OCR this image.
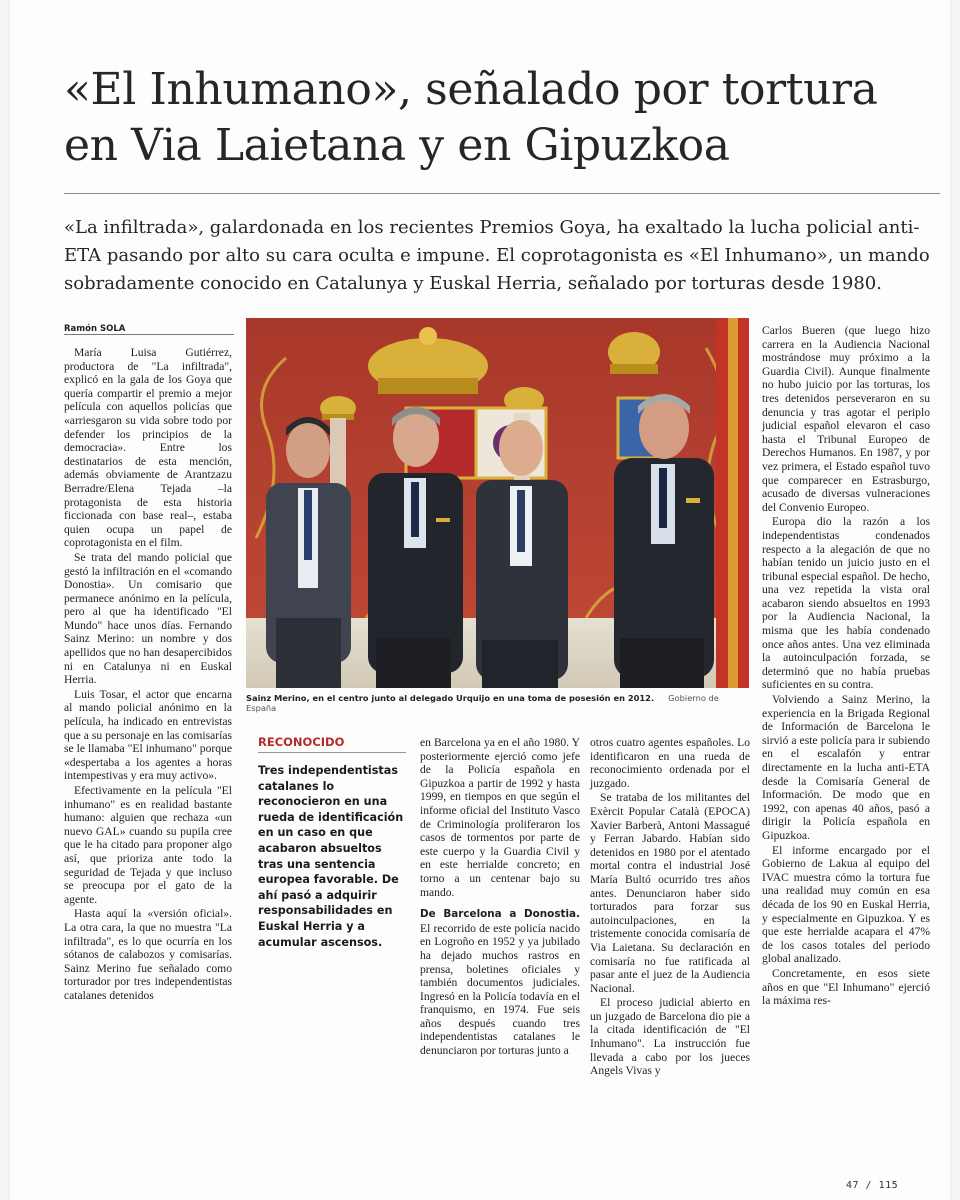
«El Inhumano», señalado por tortura en Via Laietana y en Gipuzkoa

«La infiltrada», galardonada en los recientes Premios Goya, ha exaltado la lucha policial anti-ETA pasando por alto su cara oculta e impune. El coprotagonista es «El Inhumano», un mando sobradamente conocido en Catalunya y Euskal Herria, señalado por torturas desde 1980.

Ramón SOLA

María Luisa Gutiérrez, productora de "La infiltrada", explicó en la gala de los Goya que quería compartir el premio a mejor película con aquellos policías que «arriesgaron su vida sobre todo por defender los principios de la democracia». Entre los destinatarios de esta mención, además obviamente de Arantzazu Berradre/Elena Tejada –la protagonista de esta historia ficcionada con base real–, estaba quien ocupa un papel de coprotagonista en el film.

Se trata del mando policial que gestó la infiltración en el «comando Donostia». Un comisario que permanece anónimo en la película, pero al que ha identificado "El Mundo" hace unos días. Fernando Sainz Merino: un nombre y dos apellidos que no han desapercibidos ni en Catalunya ni en Euskal Herria.

Luis Tosar, el actor que encarna al mando policial anónimo en la película, ha indicado en entrevistas que a su personaje en las comisarías se le llamaba "El inhumano" porque «despertaba a los agentes a horas intempestivas y era muy activo».

Efectivamente en la película "El inhumano" es en realidad bastante humano: alguien que rechaza «un nuevo GAL» cuando su pupila cree que le ha citado para proponer algo así, que prioriza ante todo la seguridad de Tejada y que incluso se preocupa por el gato de la agente.

Hasta aquí la «versión oficial». La otra cara, la que no muestra "La infiltrada", es lo que ocurría en los sótanos de calabozos y comisarías. Sainz Merino fue señalado como torturador por tres independentistas catalanes detenidos

Sainz Merino, en el centro junto al delegado Urquijo en una toma de posesión en 2012. Gobierno de España
RECONOCIDO

Tres independentistas catalanes lo reconocieron en una rueda de identificación en un caso en que acabaron absueltos tras una sentencia europea favorable. De ahí pasó a adquirir responsabilidades en Euskal Herria y a acumular ascensos.

en Barcelona ya en el año 1980. Y posteriormente ejerció como jefe de la Policía española en Gipuzkoa a partir de 1992 y hasta 1999, en tiempos en que según el informe oficial del Instituto Vasco de Criminología proliferaron los casos de tormentos por parte de este cuerpo y la Guardia Civil y en este herrialde concreto; en torno a un centenar bajo su mando.

De Barcelona a Donostia. El recorrido de este policía nacido en Logroño en 1952 y ya jubilado ha dejado muchos rastros en prensa, boletines oficiales y también documentos judiciales. Ingresó en la Policía todavía en el franquismo, en 1974. Fue seis años después cuando tres independentistas catalanes le denunciaron por torturas junto a

otros cuatro agentes españoles. Lo identificaron en una rueda de reconocimiento ordenada por el juzgado.

Se trataba de los militantes del Exèrcit Popular Català (EPOCA) Xavier Barberà, Antoni Massagué y Ferran Jabardo. Habían sido detenidos en 1980 por el atentado mortal contra el industrial José María Bultó ocurrido tres años antes. Denunciaron haber sido torturados para forzar sus autoinculpaciones, en la tristemente conocida comisaría de Via Laietana. Su declaración en comisaría no fue ratificada al pasar ante el juez de la Audiencia Nacional.

El proceso judicial abierto en un juzgado de Barcelona dio pie a la citada identificación de "El Inhumano". La instrucción fue llevada a cabo por los jueces Angels Vivas y

Carlos Bueren (que luego hizo carrera en la Audiencia Nacional mostrándose muy próximo a la Guardia Civil). Aunque finalmente no hubo juicio por las torturas, los tres detenidos perseveraron en su denuncia y tras agotar el periplo judicial español elevaron el caso hasta el Tribunal Europeo de Derechos Humanos. En 1987, y por vez primera, el Estado español tuvo que comparecer en Estrasburgo, acusado de diversas vulneraciones del Convenio Europeo.

Europa dio la razón a los independentistas condenados respecto a la alegación de que no habían tenido un juicio justo en el tribunal especial español. De hecho, una vez repetida la vista oral acabaron siendo absueltos en 1993 por la Audiencia Nacional, la misma que les había condenado once años antes. Una vez eliminada la autoinculpación forzada, se determinó que no había pruebas suficientes en su contra.

Volviendo a Sainz Merino, la experiencia en la Brigada Regional de Información de Barcelona le sirvió a este policía para ir subiendo en el escalafón y entrar directamente en la lucha anti-ETA desde la Comisaría General de Información. De modo que en 1992, con apenas 40 años, pasó a dirigir la Policía española en Gipuzkoa.

El informe encargado por el Gobierno de Lakua al equipo del IVAC muestra cómo la tortura fue una realidad muy común en esa década de los 90 en Euskal Herria, y especialmente en Gipuzkoa. Y es que este herrialde acapara el 47% de los casos totales del periodo global analizado.

Concretamente, en esos siete años en que "El Inhumano" ejerció la máxima res-

47 / 115
